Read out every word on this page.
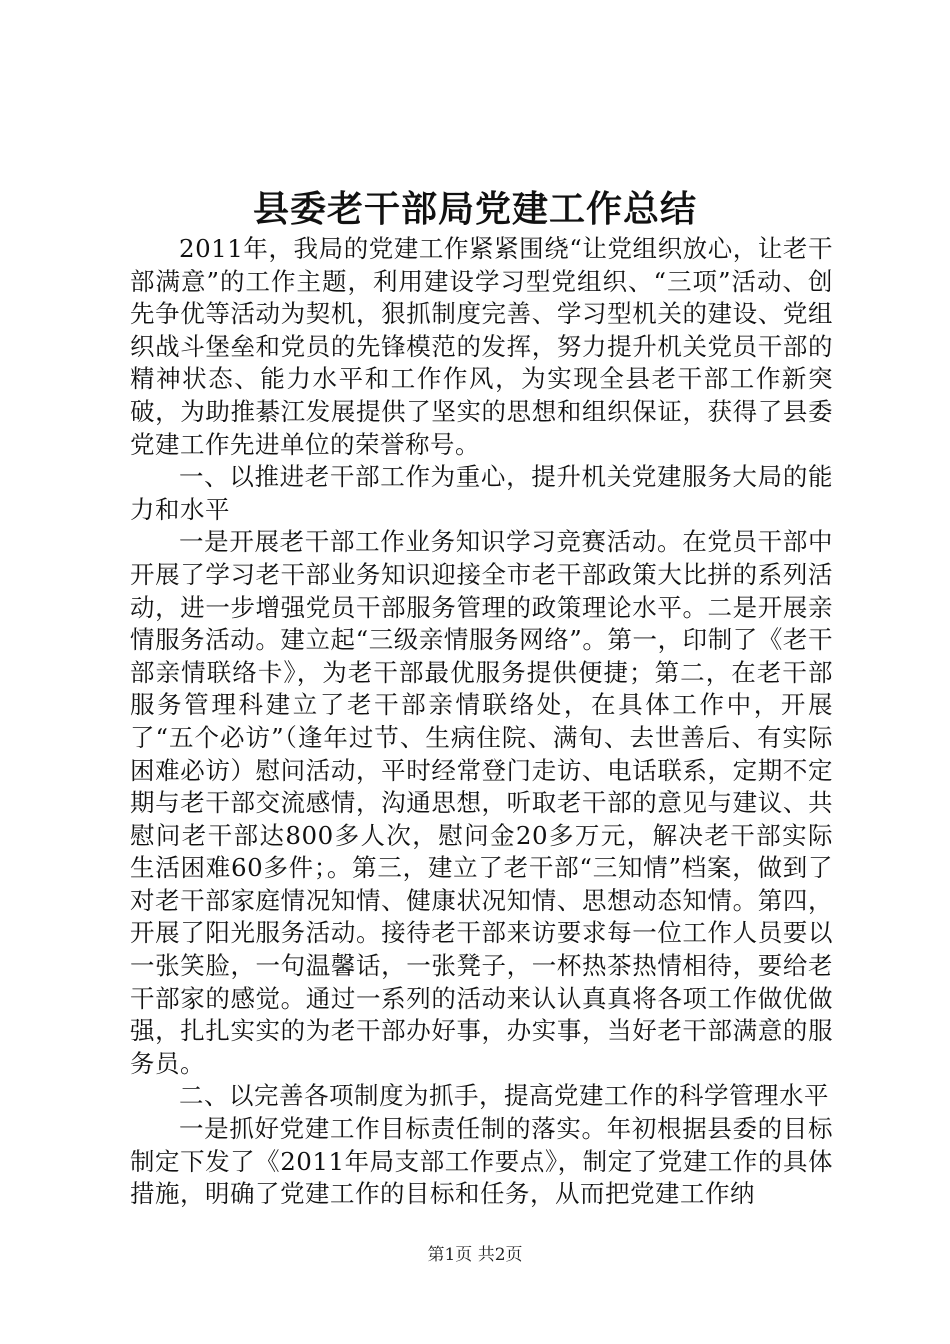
县委老干部局党建工作总结

2011年，我局的党建工作紧紧围绕“让党组织放心，让老干部满意”的工作主题，利用建设学习型党组织、“三项”活动、创先争优等活动为契机，狠抓制度完善、学习型机关的建设、党组织战斗堡垒和党员的先锋模范的发挥，努力提升机关党员干部的精神状态、能力水平和工作作风，为实现全县老干部工作新突破，为助推綦江发展提供了坚实的思想和组织保证，获得了县委党建工作先进单位的荣誉称号。

一、以推进老干部工作为重心，提升机关党建服务大局的能力和水平

一是开展老干部工作业务知识学习竞赛活动。在党员干部中开展了学习老干部业务知识迎接全市老干部政策大比拼的系列活动，进一步增强党员干部服务管理的政策理论水平。二是开展亲情服务活动。建立起“三级亲情服务网络”。第一，印制了《老干部亲情联络卡》，为老干部最优服务提供便捷；第二，在老干部服务管理科建立了老干部亲情联络处，在具体工作中，开展了“五个必访”（逢年过节、生病住院、满旬、去世善后、有实际困难必访）慰问活动，平时经常登门走访、电话联系，定期不定期与老干部交流感情，沟通思想，听取老干部的意见与建议、共慰问老干部达800多人次，慰问金20多万元，解决老干部实际生活困难60多件；。第三，建立了老干部“三知情”档案，做到了对老干部家庭情况知情、健康状况知情、思想动态知情。第四，开展了阳光服务活动。接待老干部来访要求每一位工作人员要以一张笑脸，一句温馨话，一张凳子，一杯热茶热情相待，要给老干部家的感觉。通过一系列的活动来认认真真将各项工作做优做强，扎扎实实的为老干部办好事，办实事，当好老干部满意的服务员。

二、以完善各项制度为抓手，提高党建工作的科学管理水平

一是抓好党建工作目标责任制的落实。年初根据县委的目标制定下发了《2011年局支部工作要点》，制定了党建工作的具体措施，明确了党建工作的目标和任务，从而把党建工作纳

第1页 共2页
